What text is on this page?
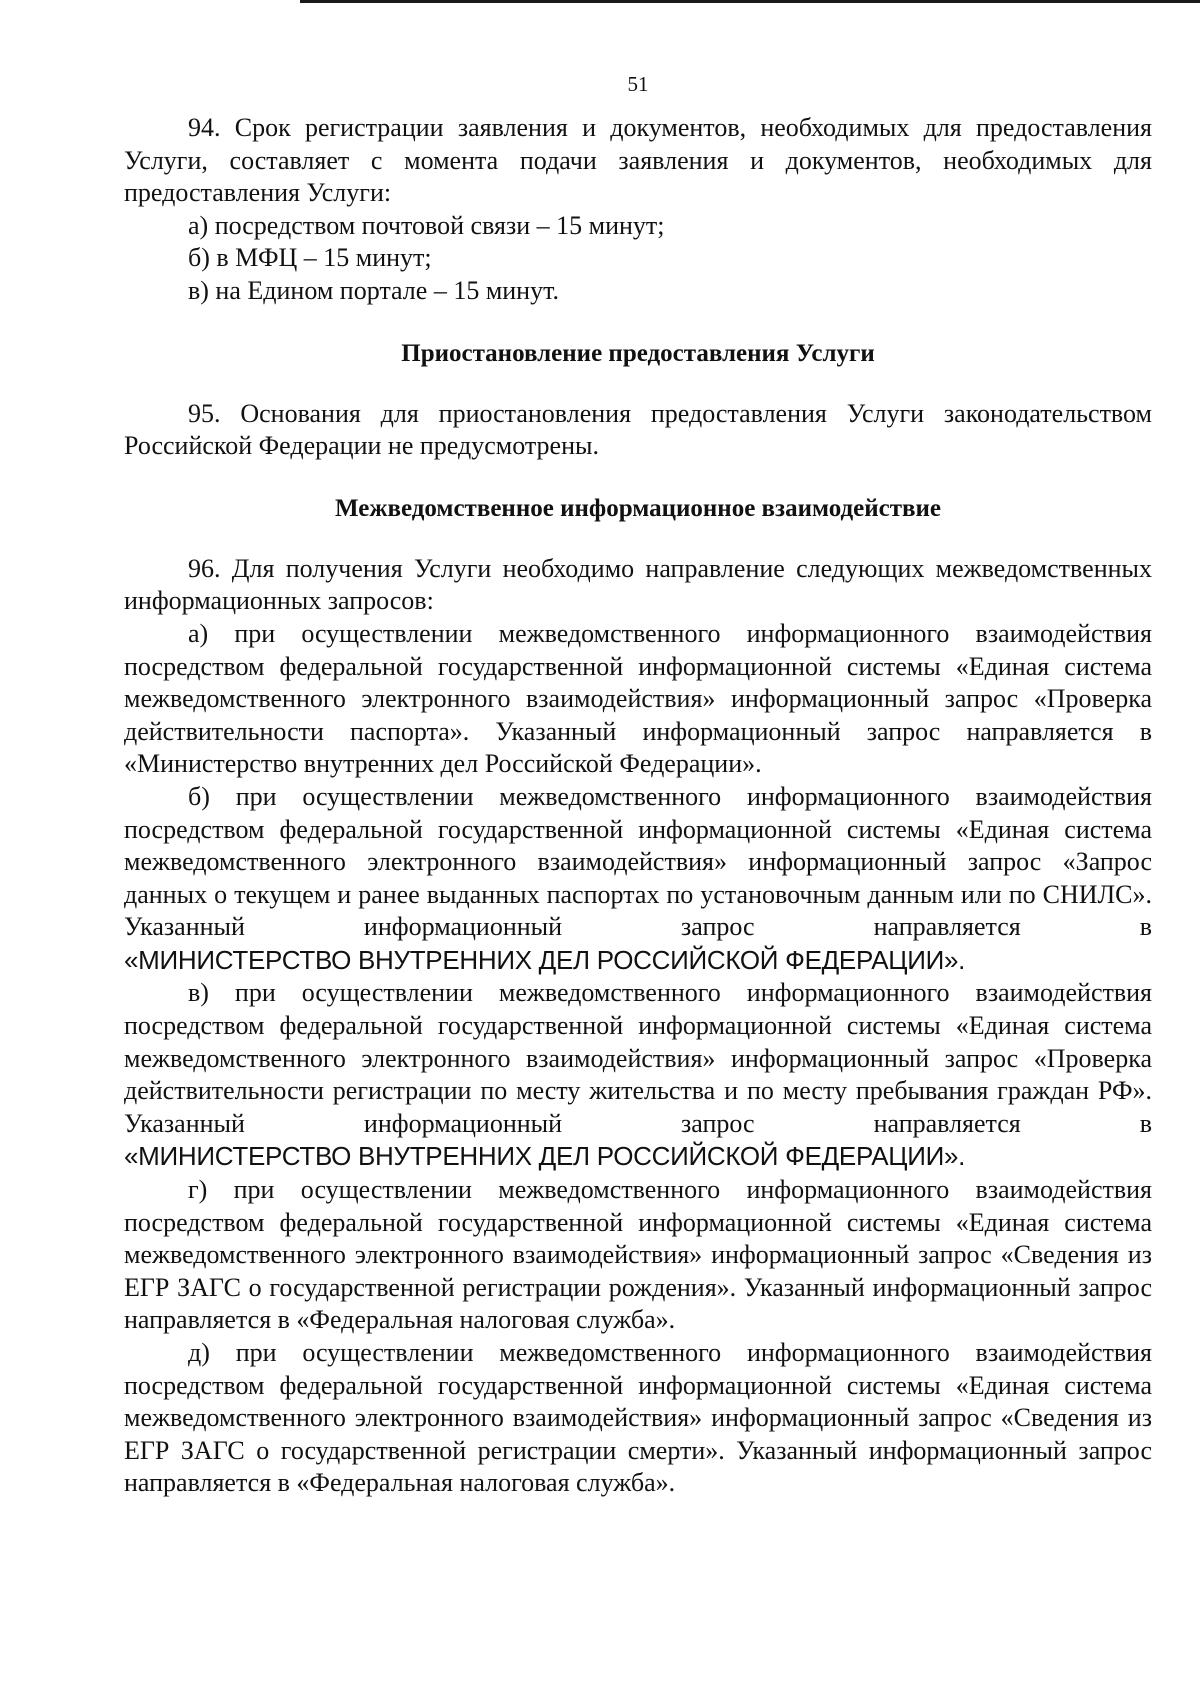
51

94. Срок регистрации заявления и документов, необходимых для предоставления Услуги, составляет с момента подачи заявления и документов, необходимых для предоставления Услуги:

а) посредством почтовой связи – 15 минут;

б) в МФЦ – 15 минут;

в) на Едином портале – 15 минут.

Приостановление предоставления Услуги

95. Основания для приостановления предоставления Услуги законодательством Российской Федерации не предусмотрены.

Межведомственное информационное взаимодействие

96. Для получения Услуги необходимо направление следующих межведомственных информационных запросов:

а) при осуществлении межведомственного информационного взаимодействия посредством федеральной государственной информационной системы «Единая система межведомственного электронного взаимодействия» информационный запрос «Проверка действительности паспорта». Указанный информационный запрос направляется в «Министерство внутренних дел Российской Федерации».

б) при осуществлении межведомственного информационного взаимодействия посредством федеральной государственной информационной системы «Единая система межведомственного электронного взаимодействия» информационный запрос «Запрос данных о текущем и ранее выданных паспортах по установочным данным или по СНИЛС». Указанный информационный запрос направляется в

«МИНИСТЕРСТВО ВНУТРЕННИХ ДЕЛ РОССИЙСКОЙ ФЕДЕРАЦИИ».

в) при осуществлении межведомственного информационного взаимодействия посредством федеральной государственной информационной системы «Единая система межведомственного электронного взаимодействия» информационный запрос «Проверка действительности регистрации по месту жительства и по месту пребывания граждан РФ». Указанный информационный запрос направляется в

«МИНИСТЕРСТВО ВНУТРЕННИХ ДЕЛ РОССИЙСКОЙ ФЕДЕРАЦИИ».

г) при осуществлении межведомственного информационного взаимодействия посредством федеральной государственной информационной системы «Единая система межведомственного электронного взаимодействия» информационный запрос «Сведения из ЕГР ЗАГС о государственной регистрации рождения». Указанный информационный запрос направляется в «Федеральная налоговая служба».

д) при осуществлении межведомственного информационного взаимодействия посредством федеральной государственной информационной системы «Единая система межведомственного электронного взаимодействия» информационный запрос «Сведения из ЕГР ЗАГС о государственной регистрации смерти». Указанный информационный запрос направляется в «Федеральная налоговая служба».
